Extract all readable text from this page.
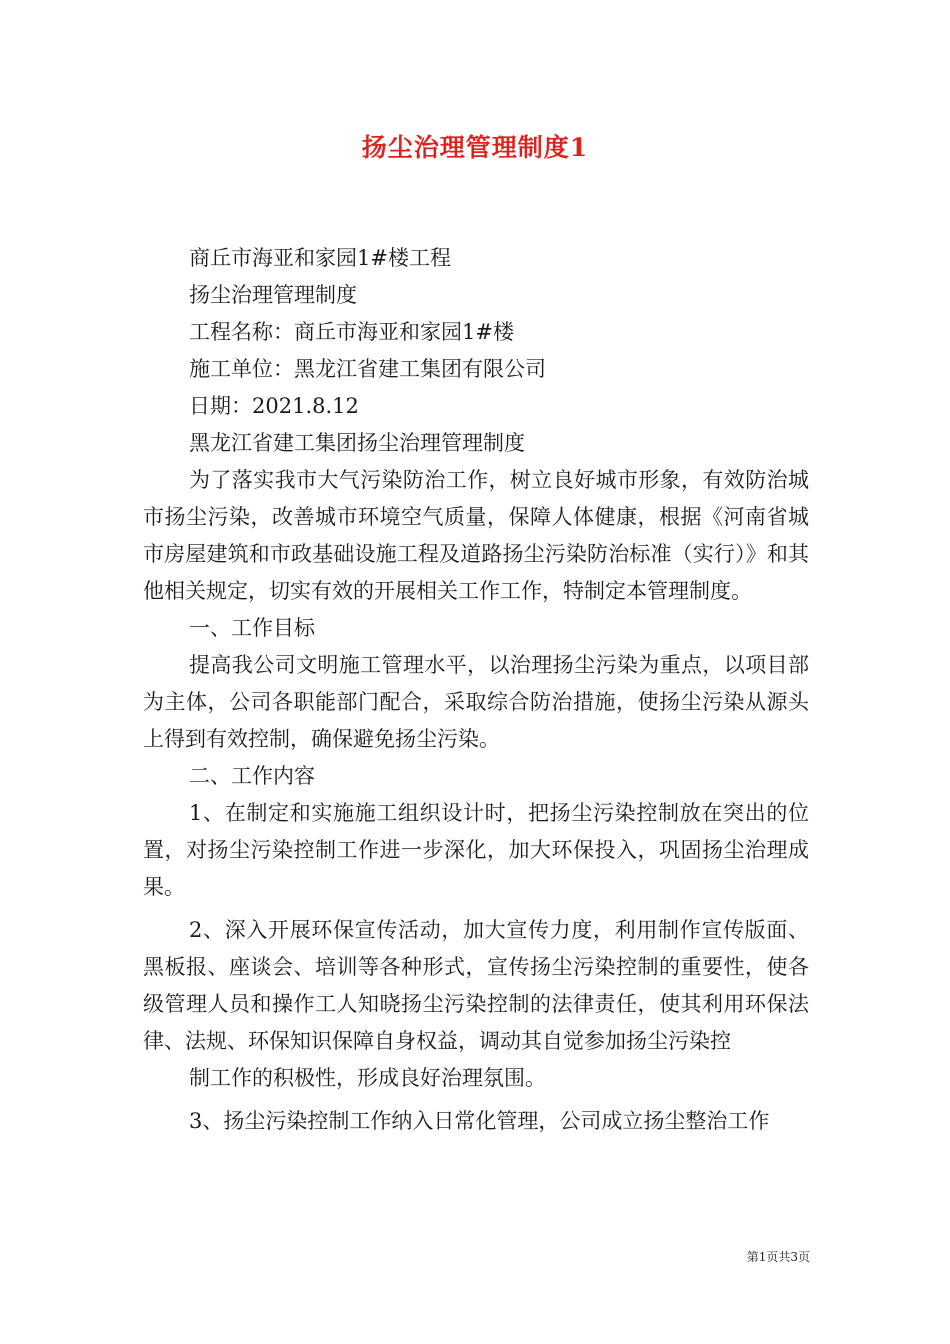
扬尘治理管理制度1

商丘市海亚和家园1#楼工程

扬尘治理管理制度

工程名称：商丘市海亚和家园1#楼

施工单位：黑龙江省建工集团有限公司

日期：2021.8.12

黑龙江省建工集团扬尘治理管理制度

为了落实我市大气污染防治工作，树立良好城市形象，有效防治城市扬尘污染，改善城市环境空气质量，保障人体健康，根据《河南省城市房屋建筑和市政基础设施工程及道路扬尘污染防治标准（实行）》和其他相关规定，切实有效的开展相关工作工作，特制定本管理制度。

一、工作目标

提高我公司文明施工管理水平，以治理扬尘污染为重点，以项目部为主体，公司各职能部门配合，采取综合防治措施，使扬尘污染从源头上得到有效控制，确保避免扬尘污染。

二、工作内容

1、在制定和实施施工组织设计时，把扬尘污染控制放在突出的位置，对扬尘污染控制工作进一步深化，加大环保投入，巩固扬尘治理成果。

2、深入开展环保宣传活动，加大宣传力度，利用制作宣传版面、黑板报、座谈会、培训等各种形式，宣传扬尘污染控制的重要性，使各级管理人员和操作工人知晓扬尘污染控制的法律责任，使其利用环保法律、法规、环保知识保障自身权益，调动其自觉参加扬尘污染控

制工作的积极性，形成良好治理氛围。

3、扬尘污染控制工作纳入日常化管理，公司成立扬尘整治工作

第1页共3页
